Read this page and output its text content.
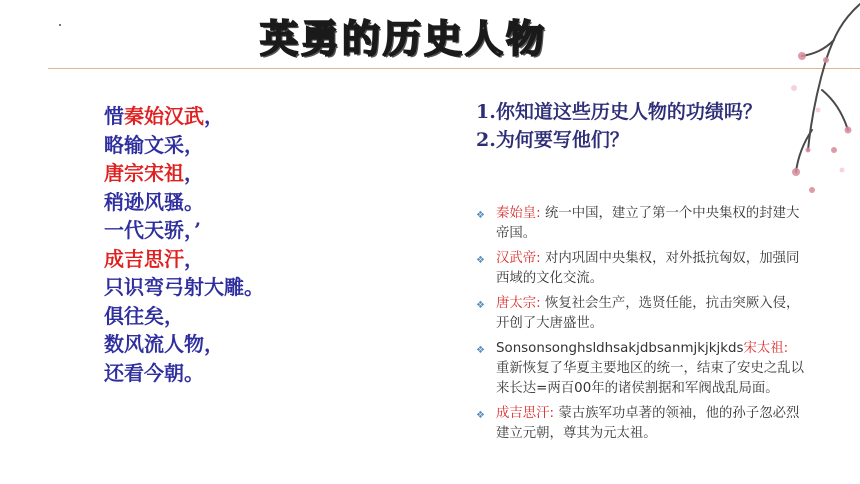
英勇的历史人物
惜秦始汉武，
略输文采，
唐宗宋祖，
稍逊风骚。
一代天骄，’
成吉思汗，
只识弯弓射大雕。
俱往矣，
数风流人物，
还看今朝。

1.你知道这些历史人物的功绩吗？

2.为何要写他们？

❖ 秦始皇: 统一中国，建立了第一个中央集权的封建大帝国。
❖ 汉武帝: 对内巩固中央集权，对外抵抗匈奴，加强同西域的文化交流。
❖ 唐太宗: 恢复社会生产，选贤任能，抗击突厥入侵，开创了大唐盛世。
❖ Sonsonsonghsldhsakjdbsanmjkjkjkds宋太祖: 重新恢复了华夏主要地区的统一，结束了安史之乱以来长达=两百00年的诸侯割据和军阀战乱局面。
❖ 成吉思汗: 蒙古族军功卓著的领袖，他的孙子忽必烈建立元朝，尊其为元太祖。
